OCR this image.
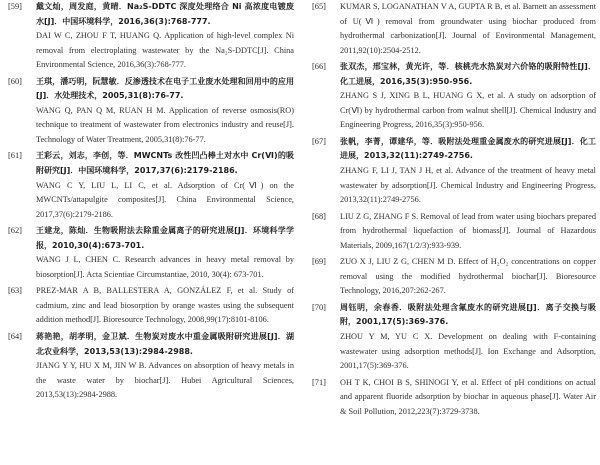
[59]	戴文灿，周发庭，黄晴．Na₂S-DDTC 深度处理络合 Ni 高浓度电镀废水[J]．中国环境科学，2016,36(3):768-777.
DAI W C, ZHOU F T, HUANG Q. Application of high-level complex Ni removal from electroplating wastewater by the Na₂S-DDTC[J]. China Environmental Science, 2016,36(3):768-777.
[60]	王琪，潘巧明，阮慧敏．反渗透技术在电子工业废水处理和回用中的应用[J]．水处理技术，2005,31(8):76-77.
WANG Q, PAN Q M, RUAN H M. Application of reverse osmosis(RO) technique to treatment of wastewater from electronics industry and reuse[J]. Technology of Water Treatment, 2005,31(8):76-77.
[61]	王彩云，刘志，李创，等．MWCNTs 改性凹凸棒土对水中 Cr(Ⅵ)的吸附研究[J]．中国环境科学，2017,37(6):2179-2186.
WANG C Y, LIU L, LI C, et al. Adsorption of Cr(Ⅵ) on the MWCNTs/attapulgite composites[J]. China Environmental Science, 2017,37(6):2179-2186.
[62]	王建龙，陈灿．生物吸附法去除重金属离子的研究进展[J]．环境科学学报，2010,30(4):673-701.
WANG J L, CHEN C. Research advances in heavy metal removal by biosorption[J]. Acta Scientiae Circumstantiae, 2010, 30(4): 673-701.
[63]	PREZ-MAR A B, BALLESTERA A, GONZÁLEZ F, et al. Study of cadmium, zinc and lead biosorption by orange wastes using the subsequent addition method[J]. Bioresource Technology, 2008,99(17):8101-8106.
[64]	蒋艳艳，胡孝明，金卫斌．生物炭对废水中重金属吸附研究进展[J]．湖北农业科学，2013,53(13):2984-2988.
JIANG Y Y, HU X M, JIN W B. Advances on absorption of heavy metals in the waste water by biochar[J]. Hubei Agricultural Sciences, 2013,53(13):2984-2988.
[65]	KUMAR S, LOGANATHAN V A, GUPTA R B, et al. Barnett an assessment of U(Ⅵ) removal from groundwater using biochar produced from hydrothermal carbonization[J]. Journal of Environmental Management, 2011,92(10):2504-2512.
[66]	张双杰，邢宝林，黄光许，等．核桃壳水热炭对六价铬的吸附特性[J]．化工进展，2016,35(3):950-956.
ZHANG S J, XING B L, HUANG G X, et al. A study on adsorption of Cr(Ⅵ) by hydrothermal carbon from walnut shell[J]. Chemical Industry and Engineering Progress, 2016,35(3):950-956.
[67]	张帆，李菁，谭建华，等．吸附法处理重金属废水的研究进展[J]．化工进展，2013,32(11):2749-2756.
ZHANG F, LI J, TAN J H, et al. Advance of the treatment of heavy metal wastewater by adsorption[J]. Chemical Industry and Engineering Progress, 2013,32(11):2749-2756.
[68]	LIU Z G, ZHANG F S. Removal of lead from water using biochars prepared from hydrothermal liquefaction of biomass[J]. Journal of Hazardous Materials, 2009,167(1/2/3):933-939.
[69]	ZUO X J, LIU Z G, CHEN M D. Effect of H₂O₂ concentrations on copper removal using the modified hydrothermal biochar[J]. Bioresource Technology, 2016,207:262-267.
[70]	周钰明，余春香．吸附法处理含氟废水的研究进展[J]．离子交换与吸附，2001,17(5):369-376.
ZHOU Y M, YU C X. Development on dealing with F-containing wastewater using adsorption methods[J]. Ion Exchange and Adsorption, 2001,17(5):369-376.
[71]	OH T K, CHOI B S, SHINOGI Y, et al. Effect of pH conditions on actual and apparent fluoride adsorption by biochar in aqueous phase[J]. Water Air & Soil Pollution, 2012,223(7):3729-3738.
